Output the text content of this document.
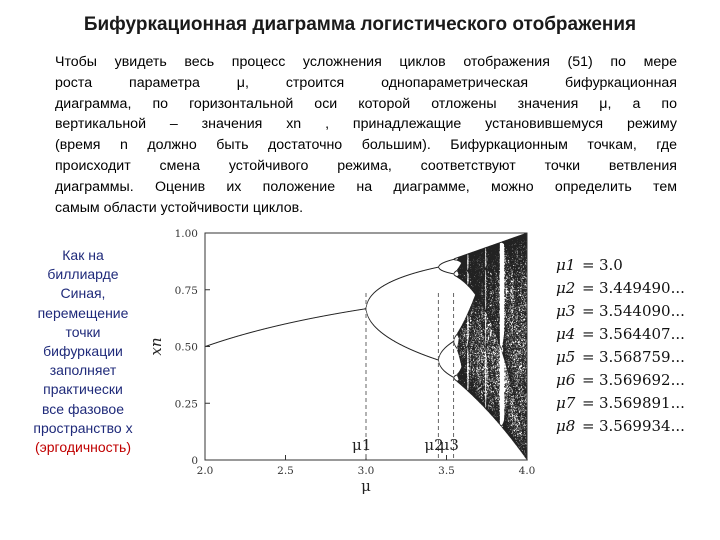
Бифуркационная диаграмма логистического отображения
Чтобы увидеть весь процесс усложнения циклов отображения (51) по мере
роста параметра μ, строится однопараметрическая бифуркационная
диаграмма, по горизонтальной оси которой отложены значения μ, а по
вертикальной – значения xn , принадлежащие установившемуся режиму
(время n должно быть достаточно большим). Бифуркационным точкам, где
происходит смена устойчивого режима, соответствуют точки ветвления
диаграммы. Оценив их положение на диаграмме, можно определить тем
самым области устойчивости циклов.
Как на
биллиарде
Синая,
перемещение
точки
бифуркации
заполняет
практически
все фазовое
пространство x
(эргодичность)
2.0	2.5	3.0	3.5	4.0
0
0.25
0.50
0.75
1.00
μ
xn
μ1	μ2
μ3
μ1 = 3.0
μ2 = 3.449490...
μ3 = 3.544090...
μ4 = 3.564407...
μ5 = 3.568759...
μ6 = 3.569692...
μ7 = 3.569891...
μ8 = 3.569934...
